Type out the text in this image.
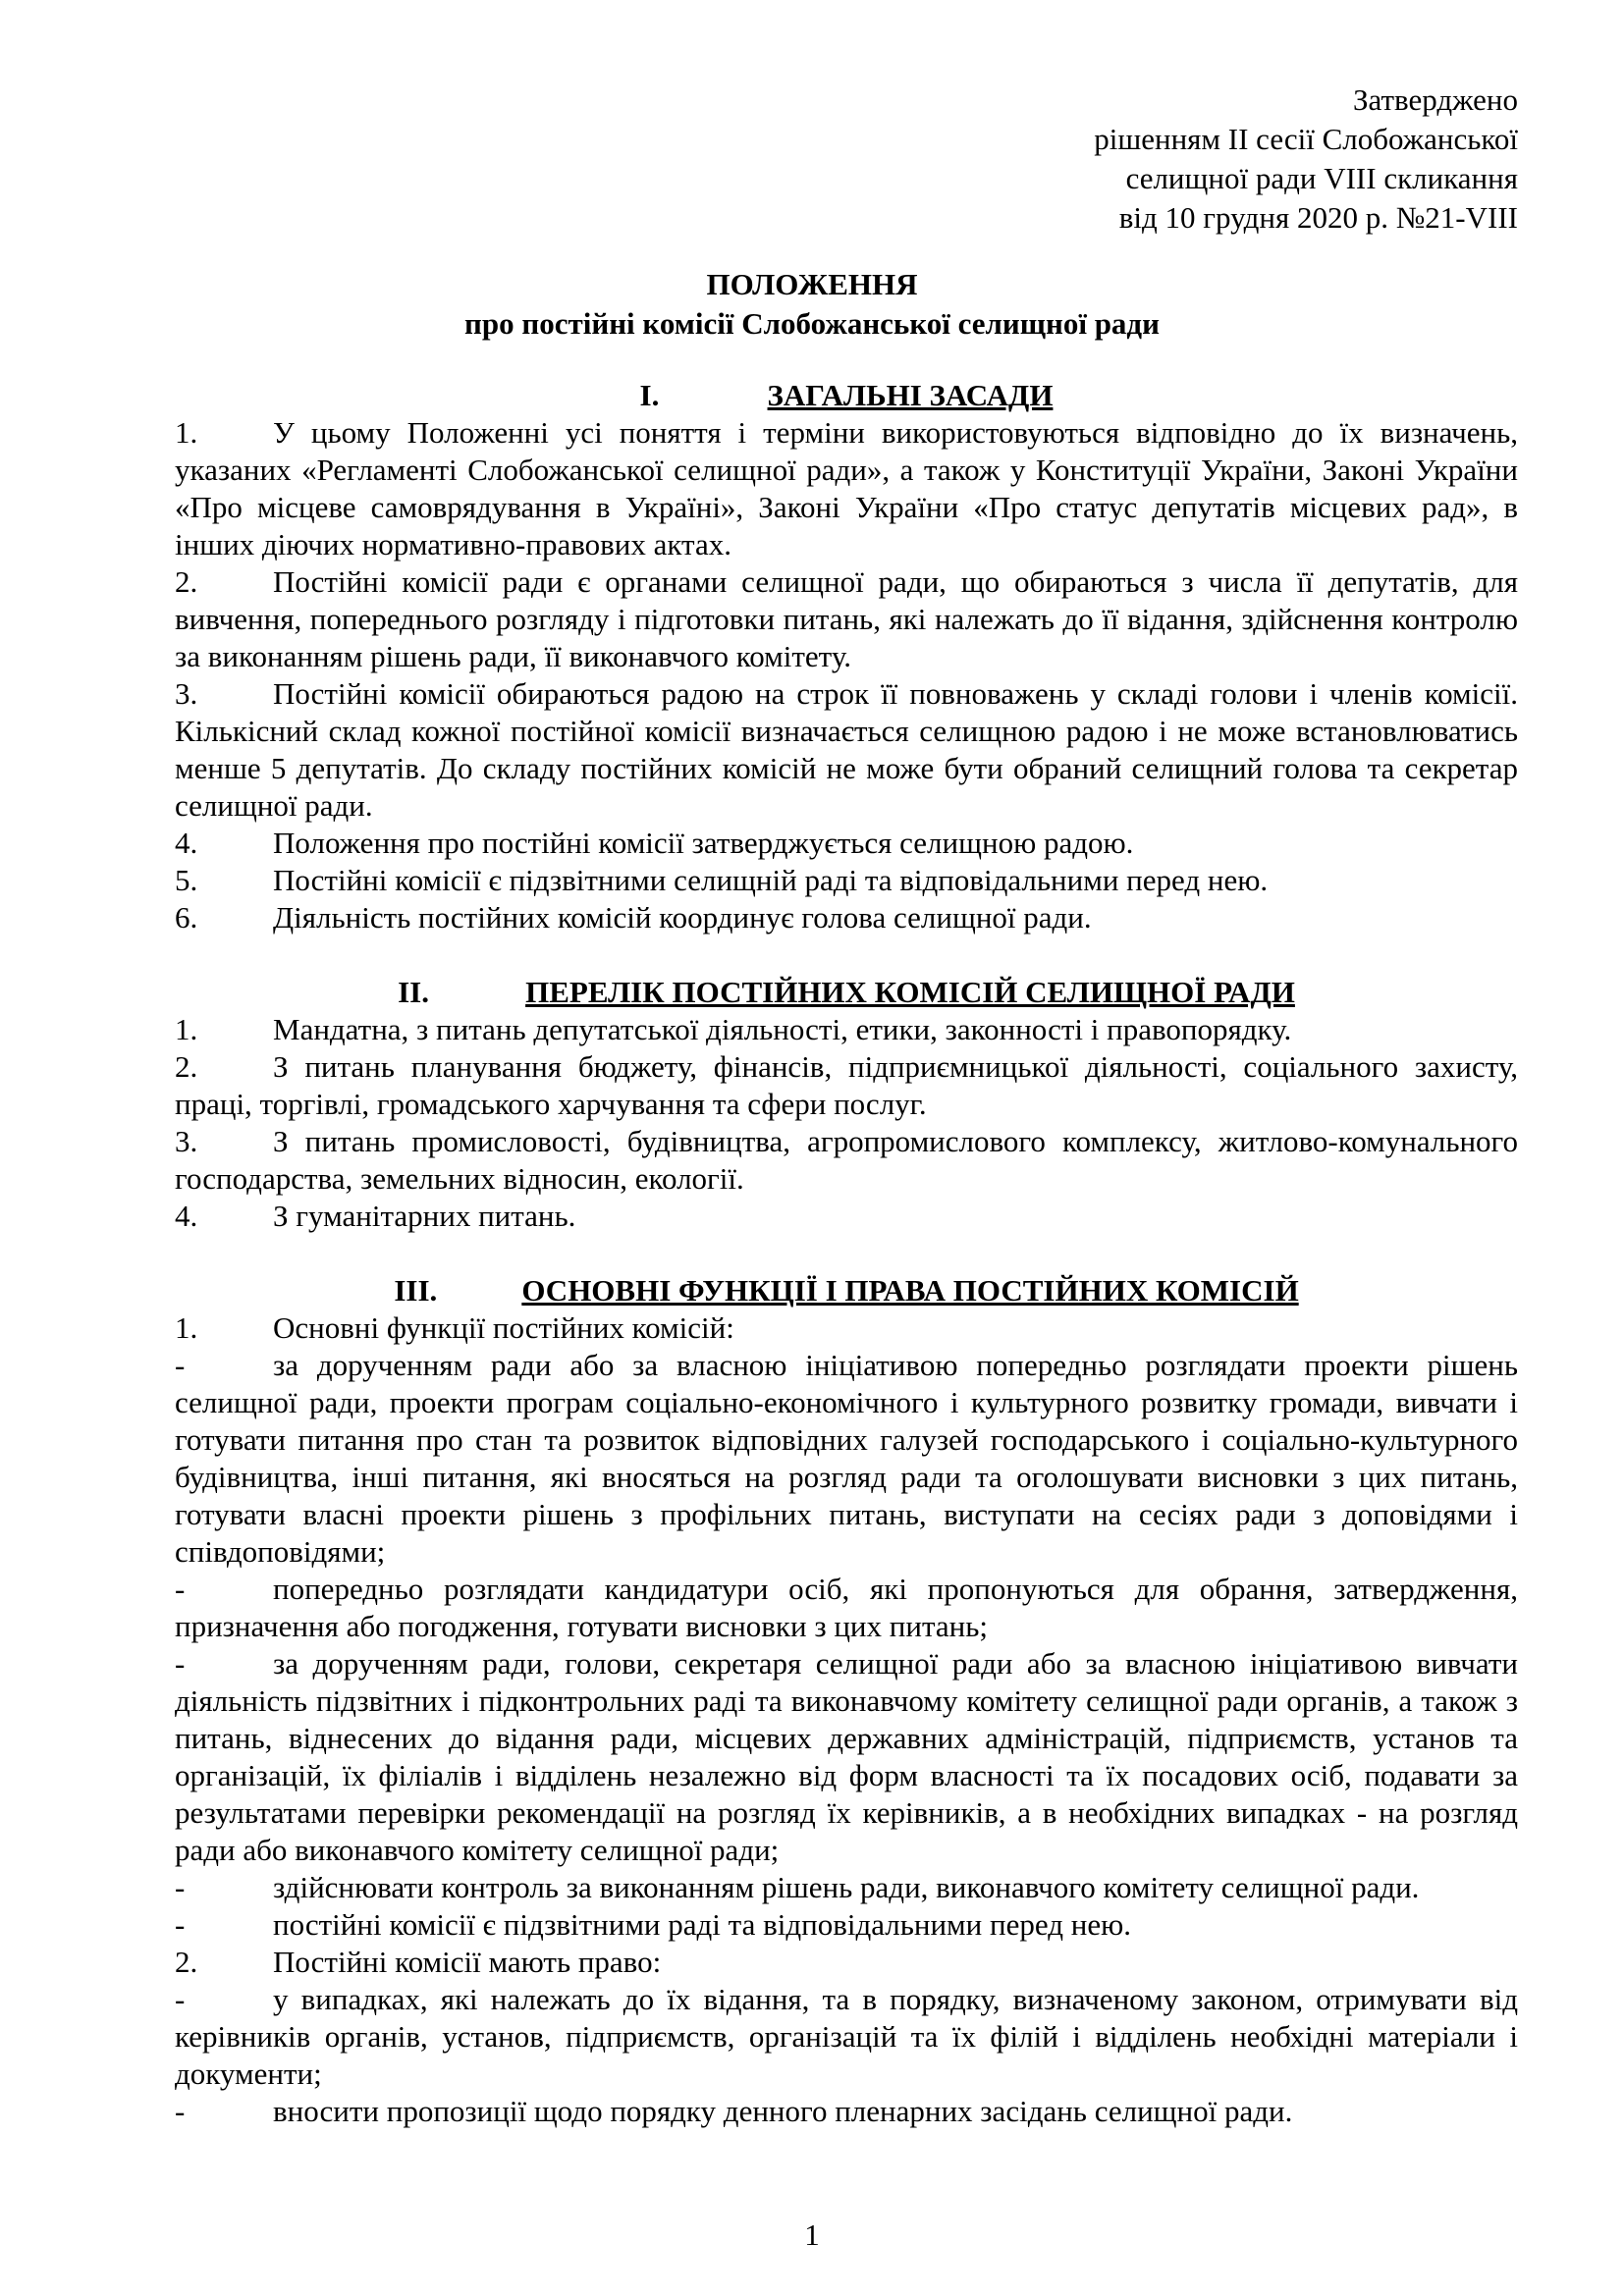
Затверджено
рішенням ІІ сесії Слобожанської
селищної ради VIII скликання
від 10 грудня 2020 р. №21-VIII
ПОЛОЖЕННЯ
про постійні комісії Слобожанської селищної ради
I.	ЗАГАЛЬНІ ЗАСАДИ

1. У цьому Положенні усі поняття і терміни використовуються відповідно до їх визначень, указаних «Регламенті Слобожанської селищної ради», а також у Конституції України, Законі України «Про місцеве самоврядування в Україні», Законі України «Про статус депутатів місцевих рад», в інших діючих нормативно-правових актах.

2. Постійні комісії ради є органами селищної ради, що обираються з числа її депутатів, для вивчення, попереднього розгляду і підготовки питань, які належать до її відання, здійснення контролю за виконанням рішень ради, її виконавчого комітету.

3. Постійні комісії обираються радою на строк її повноважень у складі голови і членів комісії. Кількісний склад кожної постійної комісії визначається селищною радою і не може встановлюватись менше 5 депутатів. До складу постійних комісій не може бути обраний селищний голова та секретар селищної ради.

4. Положення про постійні комісії затверджується селищною радою.

5. Постійні комісії є підзвітними селищній раді та відповідальними перед нею.

6. Діяльність постійних комісій координує голова селищної ради.

II.	ПЕРЕЛІК ПОСТІЙНИХ КОМІСІЙ СЕЛИЩНОЇ РАДИ

1. Мандатна, з питань депутатської діяльності, етики, законності і правопорядку.

2. З питань планування бюджету, фінансів, підприємницької діяльності, соціального захисту, праці, торгівлі, громадського харчування та сфери послуг.

3. З питань промисловості, будівництва, агропромислового комплексу, житлово-комунального господарства, земельних відносин, екології.

4. З гуманітарних питань.

III.	ОСНОВНІ ФУНКЦІЇ І ПРАВА ПОСТІЙНИХ КОМІСІЙ

1. Основні функції постійних комісій:

-	за дорученням ради або за власною ініціативою попередньо розглядати проекти рішень селищної ради, проекти програм соціально-економічного і культурного розвитку громади, вивчати і готувати питання про стан та розвиток відповідних галузей господарського і соціально-культурного будівництва, інші питання, які вносяться на розгляд ради та оголошувати висновки з цих питань, готувати власні проекти рішень з профільних питань, виступати на сесіях ради з доповідями і співдоповідями;

-	попередньо розглядати кандидатури осіб, які пропонуються для обрання, затвердження, призначення або погодження, готувати висновки з цих питань;

-	за дорученням ради, голови, секретаря селищної ради або за власною ініціативою вивчати діяльність підзвітних і підконтрольних раді та виконавчому комітету селищної ради органів, а також з питань, віднесених до відання ради, місцевих державних адміністрацій, підприємств, установ та організацій, їх філіалів і відділень незалежно від форм власності та їх посадових осіб, подавати за результатами перевірки рекомендації на розгляд їх керівників, а в необхідних випадках - на розгляд ради або виконавчого комітету селищної ради;

-	здійснювати контроль за виконанням рішень ради, виконавчого комітету селищної ради.

-	постійні комісії є підзвітними раді та відповідальними перед нею.

2. Постійні комісії мають право:

-	у випадках, які належать до їх відання, та в порядку, визначеному законом, отримувати від керівників органів, установ, підприємств, організацій та їх філій і відділень необхідні матеріали і документи;

-	вносити пропозиції щодо порядку денного пленарних засідань селищної ради.

1
